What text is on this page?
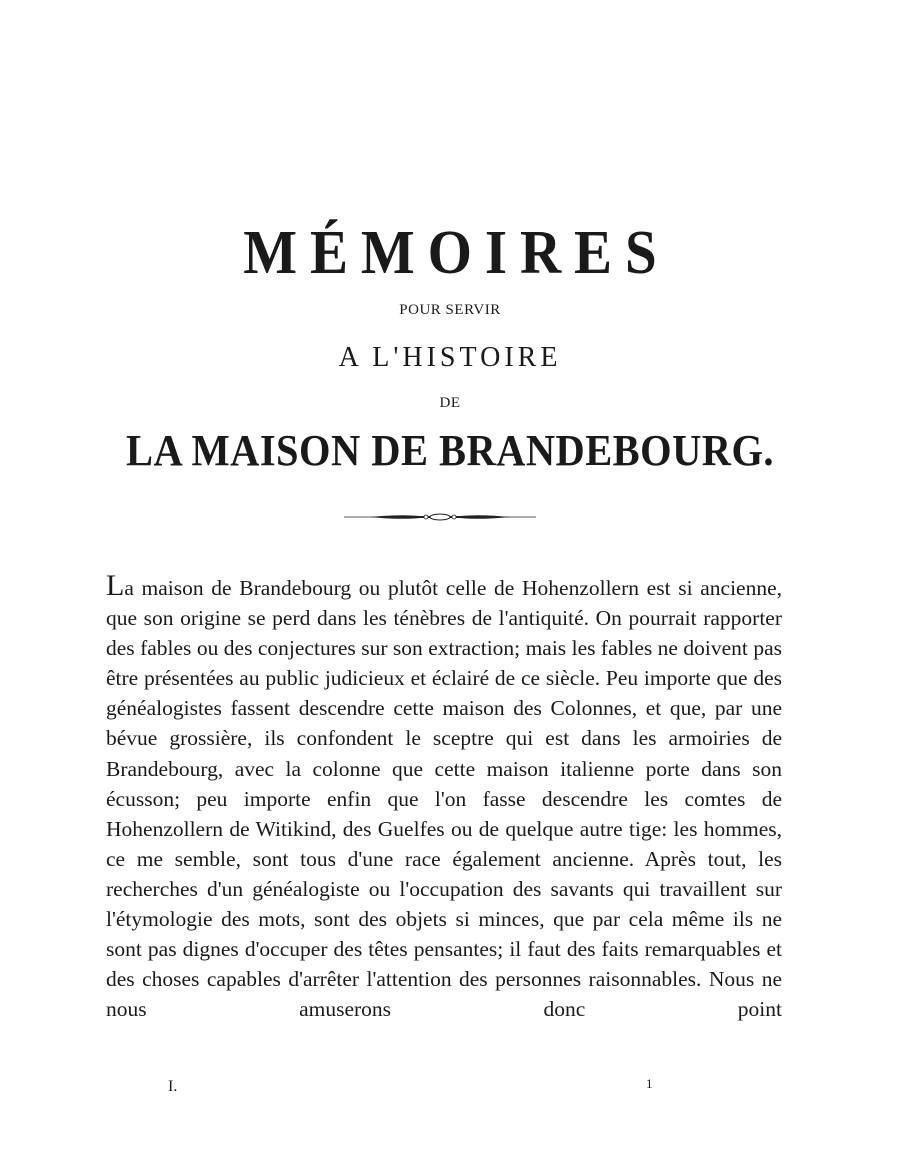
MÉMOIRES
POUR SERVIR
A L'HISTOIRE
DE
LA MAISON DE BRANDEBOURG.

La maison de Brandebourg ou plutôt celle de Hohenzollern est si ancienne, que son origine se perd dans les ténèbres de l'antiquité. On pourrait rapporter des fables ou des conjectures sur son extraction; mais les fables ne doivent pas être présentées au public judicieux et éclairé de ce siècle. Peu importe que des généalogistes fassent descendre cette maison des Colonnes, et que, par une bévue grossière, ils confondent le sceptre qui est dans les armoiries de Brandebourg, avec la colonne que cette maison italienne porte dans son écusson; peu importe enfin que l'on fasse descendre les comtes de Hohenzollern de Witikind, des Guelfes ou de quelque autre tige: les hommes, ce me semble, sont tous d'une race également ancienne. Après tout, les recherches d'un généalogiste ou l'occupation des savants qui travaillent sur l'étymologie des mots, sont des objets si minces, que par cela même ils ne sont pas dignes d'occuper des têtes pensantes; il faut des faits remarquables et des choses capables d'arrêter l'attention des personnes raisonnables. Nous ne nous amuserons donc point

I.	1
